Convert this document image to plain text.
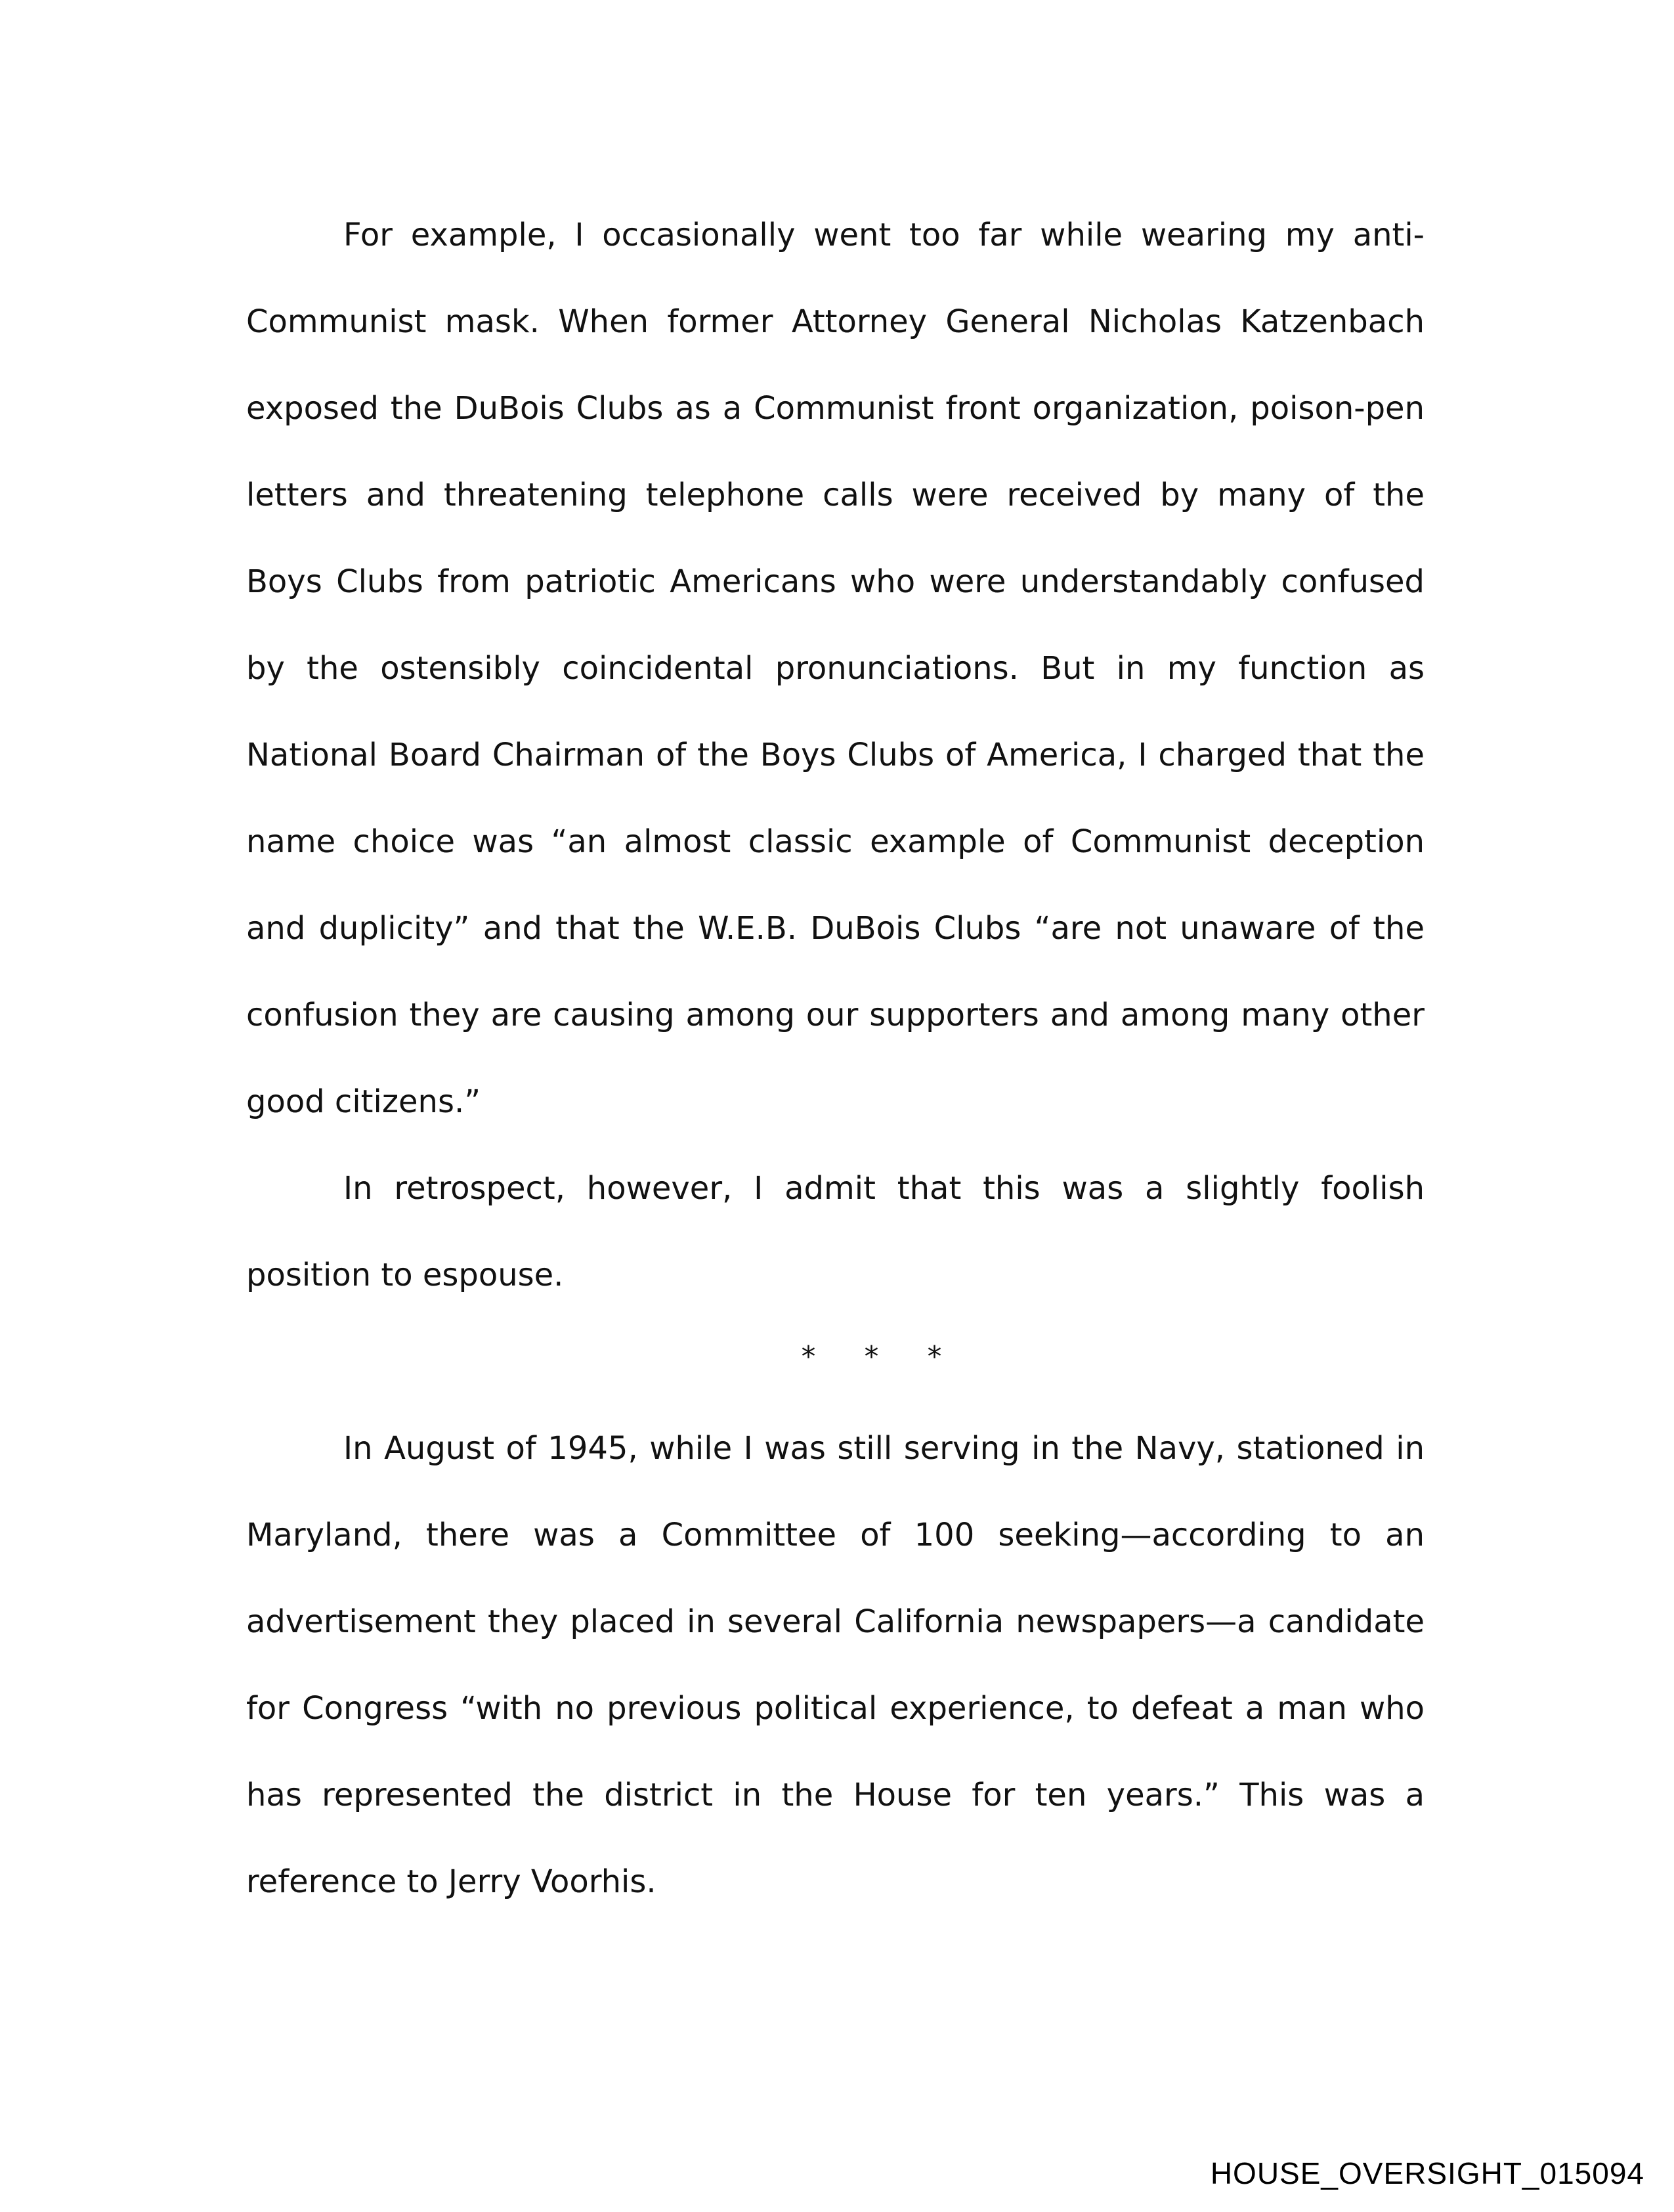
For example, I occasionally went too far while wearing my anti-Communist mask. When former Attorney General Nicholas Katzenbach exposed the DuBois Clubs as a Communist front organization, poison-pen letters and threatening telephone calls were received by many of the Boys Clubs from patriotic Americans who were understandably confused by the ostensibly coincidental pronunciations. But in my function as National Board Chairman of the Boys Clubs of America, I charged that the name choice was “an almost classic example of Communist deception and duplicity” and that the W.E.B. DuBois Clubs “are not unaware of the confusion they are causing among our supporters and among many other good citizens.”

In retrospect, however, I admit that this was a slightly foolish position to espouse.

* * *

In August of 1945, while I was still serving in the Navy, stationed in Maryland, there was a Committee of 100 seeking—according to an advertisement they placed in several California newspapers—a candidate for Congress “with no previous political experience, to defeat a man who has represented the district in the House for ten years.” This was a reference to Jerry Voorhis.

HOUSE_OVERSIGHT_015094
